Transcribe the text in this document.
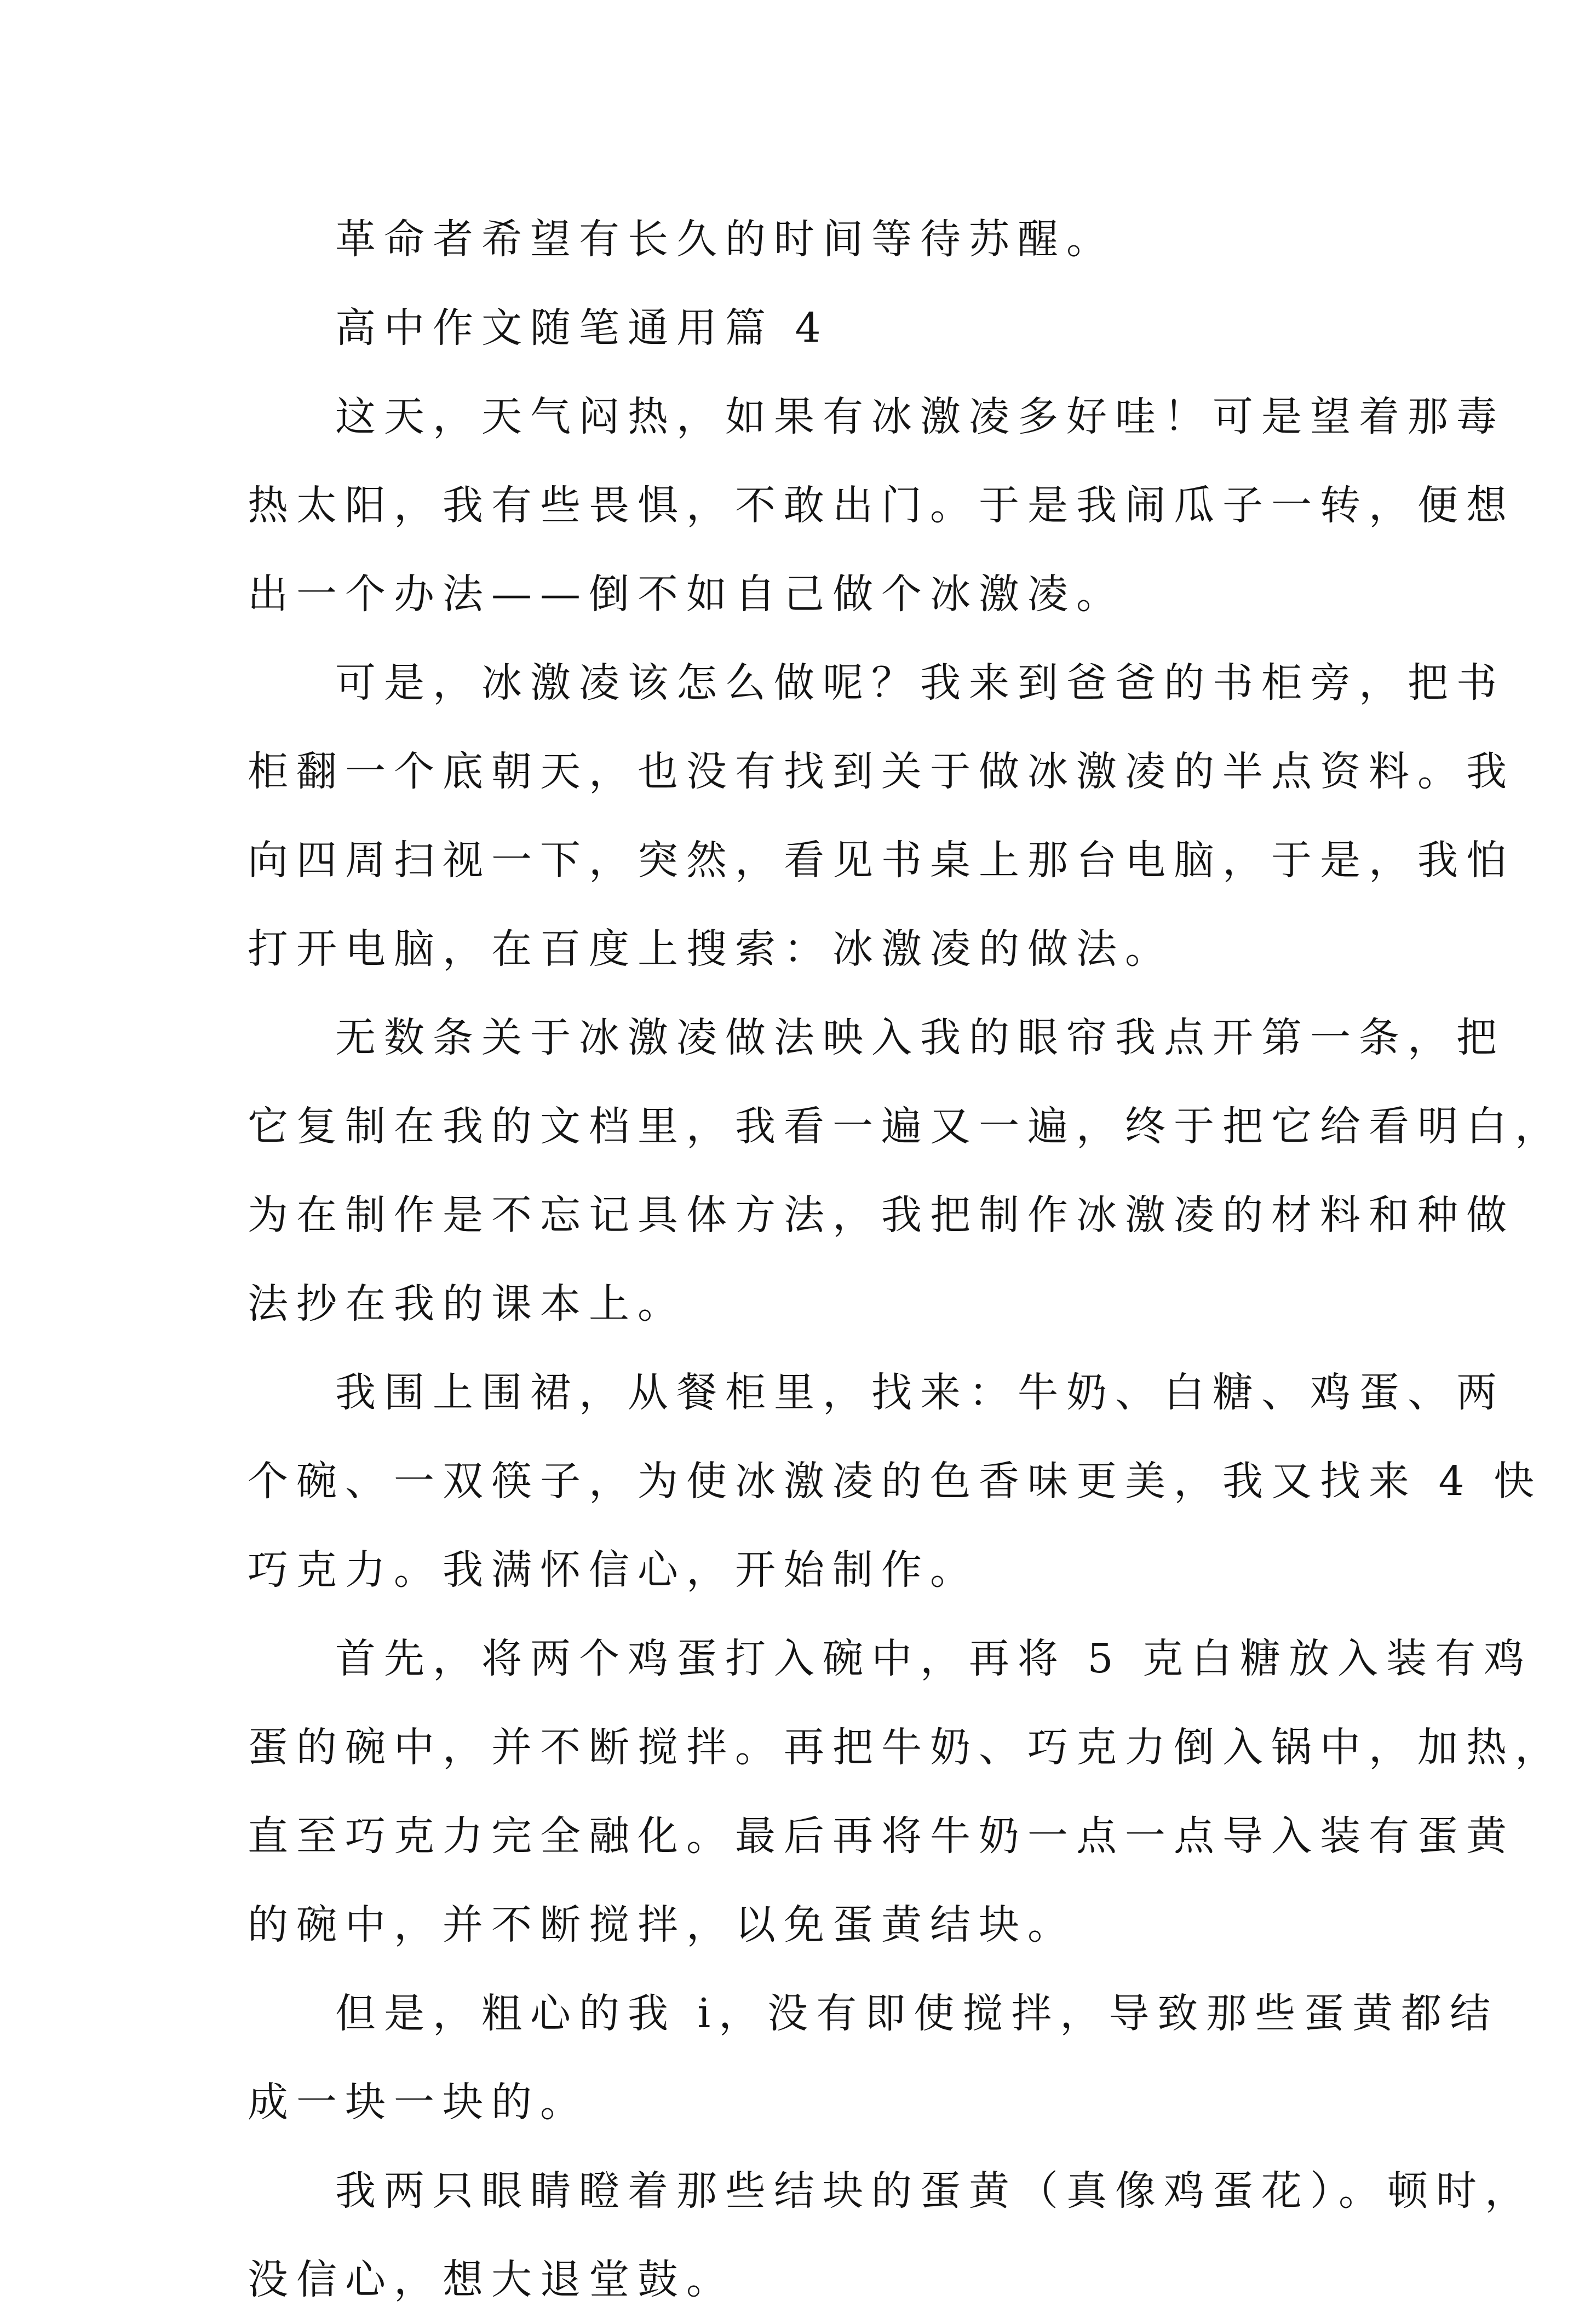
革命者希望有长久的时间等待苏醒。
高中作文随笔通用篇 4
这天，天气闷热，如果有冰激凌多好哇！可是望着那毒
热太阳，我有些畏惧，不敢出门。于是我闹瓜子一转，便想
出一个办法——倒不如自己做个冰激凌。
可是，冰激凌该怎么做呢？我来到爸爸的书柜旁，把书
柜翻一个底朝天，也没有找到关于做冰激凌的半点资料。我
向四周扫视一下，突然，看见书桌上那台电脑，于是，我怕
打开电脑，在百度上搜索：冰激凌的做法。
无数条关于冰激凌做法映入我的眼帘我点开第一条，把
它复制在我的文档里，我看一遍又一遍，终于把它给看明白，
为在制作是不忘记具体方法，我把制作冰激凌的材料和种做
法抄在我的课本上。
我围上围裙，从餐柜里，找来：牛奶、白糖、鸡蛋、两
个碗、一双筷子，为使冰激凌的色香味更美，我又找来 4 快
巧克力。我满怀信心，开始制作。
首先，将两个鸡蛋打入碗中，再将 5 克白糖放入装有鸡
蛋的碗中，并不断搅拌。再把牛奶、巧克力倒入锅中，加热，
直至巧克力完全融化。最后再将牛奶一点一点导入装有蛋黄
的碗中，并不断搅拌，以免蛋黄结块。
但是，粗心的我 i，没有即使搅拌，导致那些蛋黄都结
成一块一块的。
我两只眼睛瞪着那些结块的蛋黄（真像鸡蛋花）。顿时，
没信心，想大退堂鼓。
